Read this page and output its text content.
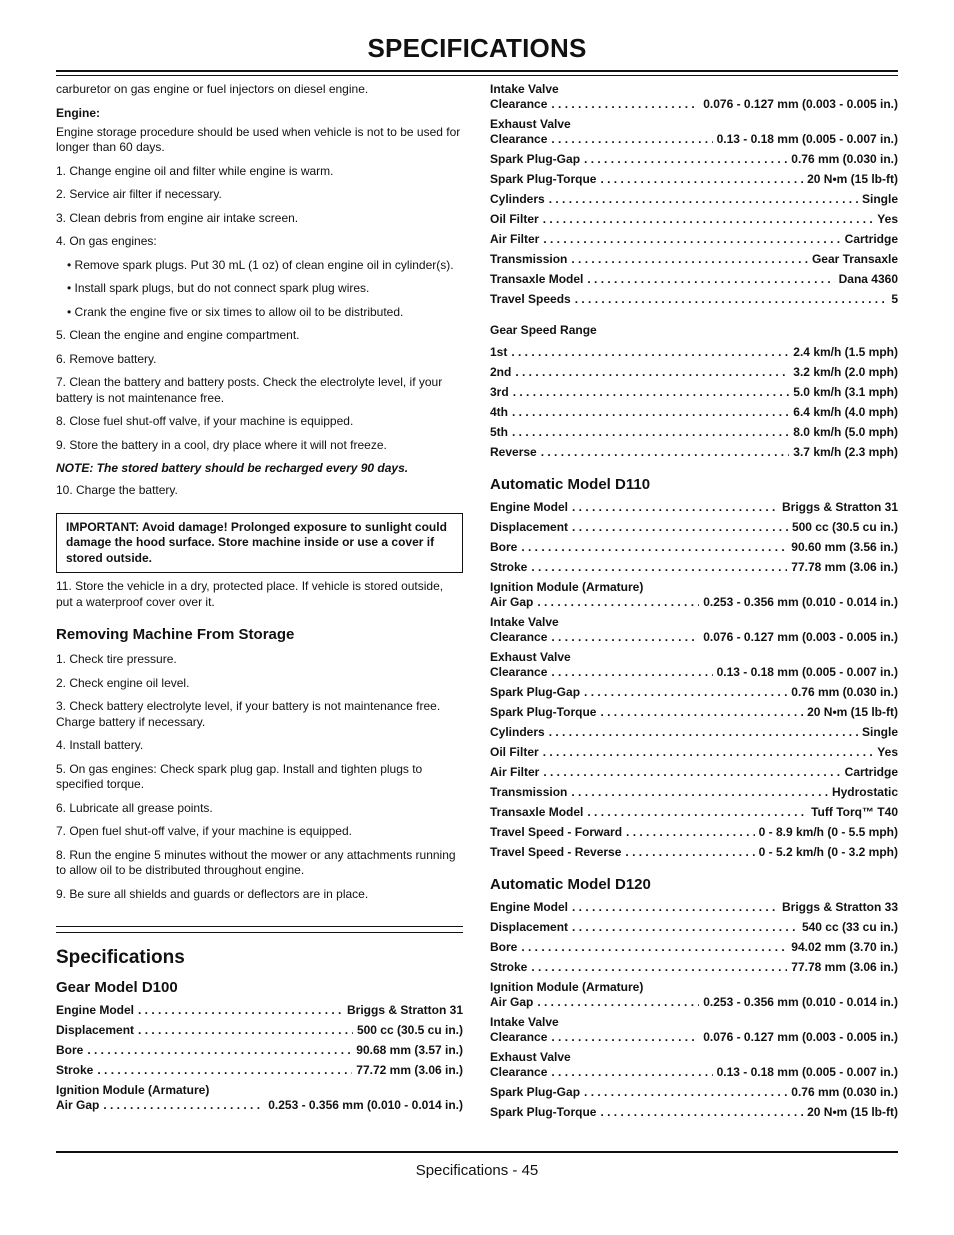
SPECIFICATIONS

carburetor on gas engine or fuel injectors on diesel engine.

Engine:

Engine storage procedure should be used when vehicle is not to be used for longer than 60 days.

1. Change engine oil and filter while engine is warm.

2. Service air filter if necessary.

3. Clean debris from engine air intake screen.

4. On gas engines:

• Remove spark plugs. Put 30 mL (1 oz) of clean engine oil in cylinder(s).

• Install spark plugs, but do not connect spark plug wires.

• Crank the engine five or six times to allow oil to be distributed.

5. Clean the engine and engine compartment.

6. Remove battery.

7. Clean the battery and battery posts. Check the electrolyte level, if your battery is not maintenance free.

8. Close fuel shut-off valve, if your machine is equipped.

9. Store the battery in a cool, dry place where it will not freeze.

NOTE: The stored battery should be recharged every 90 days.

10. Charge the battery.

IMPORTANT: Avoid damage! Prolonged exposure to sunlight could damage the hood surface. Store machine inside or use a cover if stored outside.

11. Store the vehicle in a dry, protected place. If vehicle is stored outside, put a waterproof cover over it.

Removing Machine From Storage

1. Check tire pressure.

2. Check engine oil level.

3. Check battery electrolyte level, if your battery is not maintenance free. Charge battery if necessary.

4. Install battery.

5. On gas engines: Check spark plug gap. Install and tighten plugs to specified torque.

6. Lubricate all grease points.

7. Open fuel shut-off valve, if your machine is equipped.

8. Run the engine 5 minutes without the mower or any attachments running to allow oil to be distributed throughout engine.

9. Be sure all shields and guards or deflectors are in place.

Specifications
Gear Model D100
Engine Model . . .	Briggs & Stratton 31
Displacement . . .	500 cc (30.5 cu in.)
Bore . . .	90.68 mm (3.57 in.)
Stroke . . .	77.72 mm (3.06 in.)
Ignition Module (Armature)
Air Gap . . .	0.253 - 0.356 mm (0.010 - 0.014 in.)
Intake Valve
Clearance . . .	0.076 - 0.127 mm (0.003 - 0.005 in.)
Exhaust Valve
Clearance . . .	0.13 - 0.18 mm (0.005 - 0.007 in.)
Spark Plug-Gap . . .	0.76 mm (0.030 in.)
Spark Plug-Torque . . .	20 N•m (15 lb-ft)
Cylinders . . .	Single
Oil Filter . . .	Yes
Air Filter . . .	Cartridge
Transmission . . .	Gear Transaxle
Transaxle Model . . .	Dana 4360
Travel Speeds . . .	5
Gear Speed Range
1st . . .	2.4 km/h (1.5 mph)
2nd . . .	3.2 km/h (2.0 mph)
3rd . . .	5.0 km/h (3.1 mph)
4th . . .	6.4 km/h (4.0 mph)
5th . . .	8.0 km/h (5.0 mph)
Reverse . . .	3.7 km/h (2.3 mph)
Automatic Model D110
Engine Model . . .	Briggs & Stratton 31
Displacement . . .	500 cc (30.5 cu in.)
Bore . . .	90.60 mm (3.56 in.)
Stroke . . .	77.78 mm (3.06 in.)
Ignition Module (Armature)
Air Gap . . .	0.253 - 0.356 mm (0.010 - 0.014 in.)
Intake Valve
Clearance . . .	0.076 - 0.127 mm (0.003 - 0.005 in.)
Exhaust Valve
Clearance . . .	0.13 - 0.18 mm (0.005 - 0.007 in.)
Spark Plug-Gap . . .	0.76 mm (0.030 in.)
Spark Plug-Torque . . .	20 N•m (15 lb-ft)
Cylinders . . .	Single
Oil Filter . . .	Yes
Air Filter . . .	Cartridge
Transmission . . .	Hydrostatic
Transaxle Model . . .	Tuff Torq™ T40
Travel Speed - Forward . . .	0 - 8.9 km/h (0 - 5.5 mph)
Travel Speed - Reverse . . .	0 - 5.2 km/h (0 - 3.2 mph)
Automatic Model D120
Engine Model . . .	Briggs & Stratton 33
Displacement . . .	540 cc (33 cu in.)
Bore . . .	94.02 mm (3.70 in.)
Stroke . . .	77.78 mm (3.06 in.)
Ignition Module (Armature)
Air Gap . . .	0.253 - 0.356 mm (0.010 - 0.014 in.)
Intake Valve
Clearance . . .	0.076 - 0.127 mm (0.003 - 0.005 in.)
Exhaust Valve
Clearance . . .	0.13 - 0.18 mm (0.005 - 0.007 in.)
Spark Plug-Gap . . .	0.76 mm (0.030 in.)
Spark Plug-Torque . . .	20 N•m (15 lb-ft)
Specifications - 45
